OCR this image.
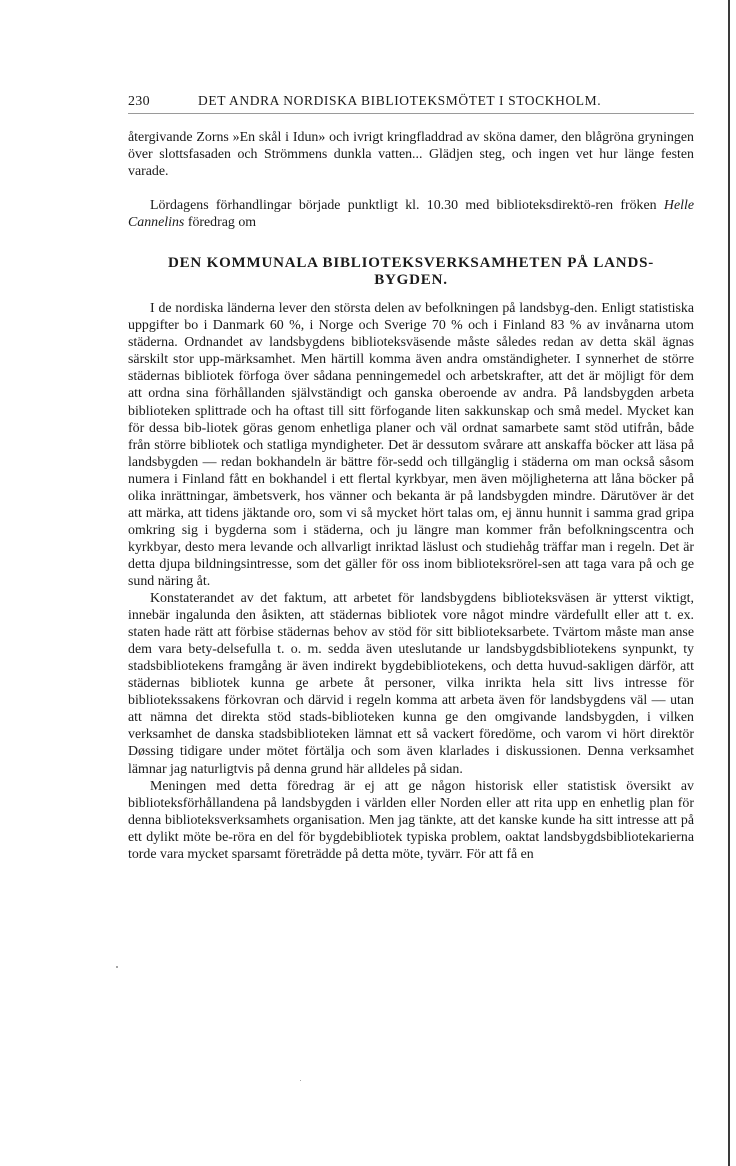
230	DET ANDRA NORDISKA BIBLIOTEKSMÖTET I STOCKHOLM.

återgivande Zorns »En skål i Idun» och ivrigt kringfladdrad av sköna damer, den blågröna gryningen över slottsfasaden och Strömmens dunkla vatten... Glädjen steg, och ingen vet hur länge festen varade.

Lördagens förhandlingar började punktligt kl. 10.30 med biblioteksdirektö-ren fröken Helle Cannelins föredrag om

DEN KOMMUNALA BIBLIOTEKSVERKSAMHETEN PÅ LANDS-
BYGDEN.

I de nordiska länderna lever den största delen av befolkningen på landsbyg-den. Enligt statistiska uppgifter bo i Danmark 60 %, i Norge och Sverige 70 % och i Finland 83 % av invånarna utom städerna. Ordnandet av landsbygdens biblioteksväsende måste således redan av detta skäl ägnas särskilt stor upp-märksamhet. Men härtill komma även andra omständigheter. I synnerhet de större städernas bibliotek förfoga över sådana penningemedel och arbetskrafter, att det är möjligt för dem att ordna sina förhållanden självständigt och ganska oberoende av andra. På landsbygden arbeta biblioteken splittrade och ha oftast till sitt förfogande liten sakkunskap och små medel. Mycket kan för dessa bib-liotek göras genom enhetliga planer och väl ordnat samarbete samt stöd utifrån, både från större bibliotek och statliga myndigheter. Det är dessutom svårare att anskaffa böcker att läsa på landsbygden — redan bokhandeln är bättre för-sedd och tillgänglig i städerna om man också såsom numera i Finland fått en bokhandel i ett flertal kyrkbyar, men även möjligheterna att låna böcker på olika inrättningar, ämbetsverk, hos vänner och bekanta är på landsbygden mindre. Därutöver är det att märka, att tidens jäktande oro, som vi så mycket hört talas om, ej ännu hunnit i samma grad gripa omkring sig i bygderna som i städerna, och ju längre man kommer från befolkningscentra och kyrkbyar, desto mera levande och allvarligt inriktad läslust och studiehåg träffar man i regeln. Det är detta djupa bildningsintresse, som det gäller för oss inom biblioteksrörel-sen att taga vara på och ge sund näring åt.

Konstaterandet av det faktum, att arbetet för landsbygdens biblioteksväsen är ytterst viktigt, innebär ingalunda den åsikten, att städernas bibliotek vore något mindre värdefullt eller att t. ex. staten hade rätt att förbise städernas behov av stöd för sitt biblioteksarbete. Tvärtom måste man anse dem vara bety-delsefulla t. o. m. sedda även uteslutande ur landsbygdsbibliotekens synpunkt, ty stadsbibliotekens framgång är även indirekt bygdebibliotekens, och detta huvud-sakligen därför, att städernas bibliotek kunna ge arbete åt personer, vilka inrikta hela sitt livs intresse för bibliotekssakens förkovran och därvid i regeln komma att arbeta även för landsbygdens väl — utan att nämna det direkta stöd stads-biblioteken kunna ge den omgivande landsbygden, i vilken verksamhet de danska stadsbiblioteken lämnat ett så vackert föredöme, och varom vi hört direktör Døssing tidigare under mötet förtälja och som även klarlades i diskussionen. Denna verksamhet lämnar jag naturligtvis på denna grund här alldeles på sidan.

Meningen med detta föredrag är ej att ge någon historisk eller statistisk översikt av biblioteksförhållandena på landsbygden i världen eller Norden eller att rita upp en enhetlig plan för denna biblioteksverksamhets organisation. Men jag tänkte, att det kanske kunde ha sitt intresse att på ett dylikt möte be-röra en del för bygdebibliotek typiska problem, oaktat landsbygdsbibliotekarierna torde vara mycket sparsamt företrädde på detta möte, tyvärr. För att få en
